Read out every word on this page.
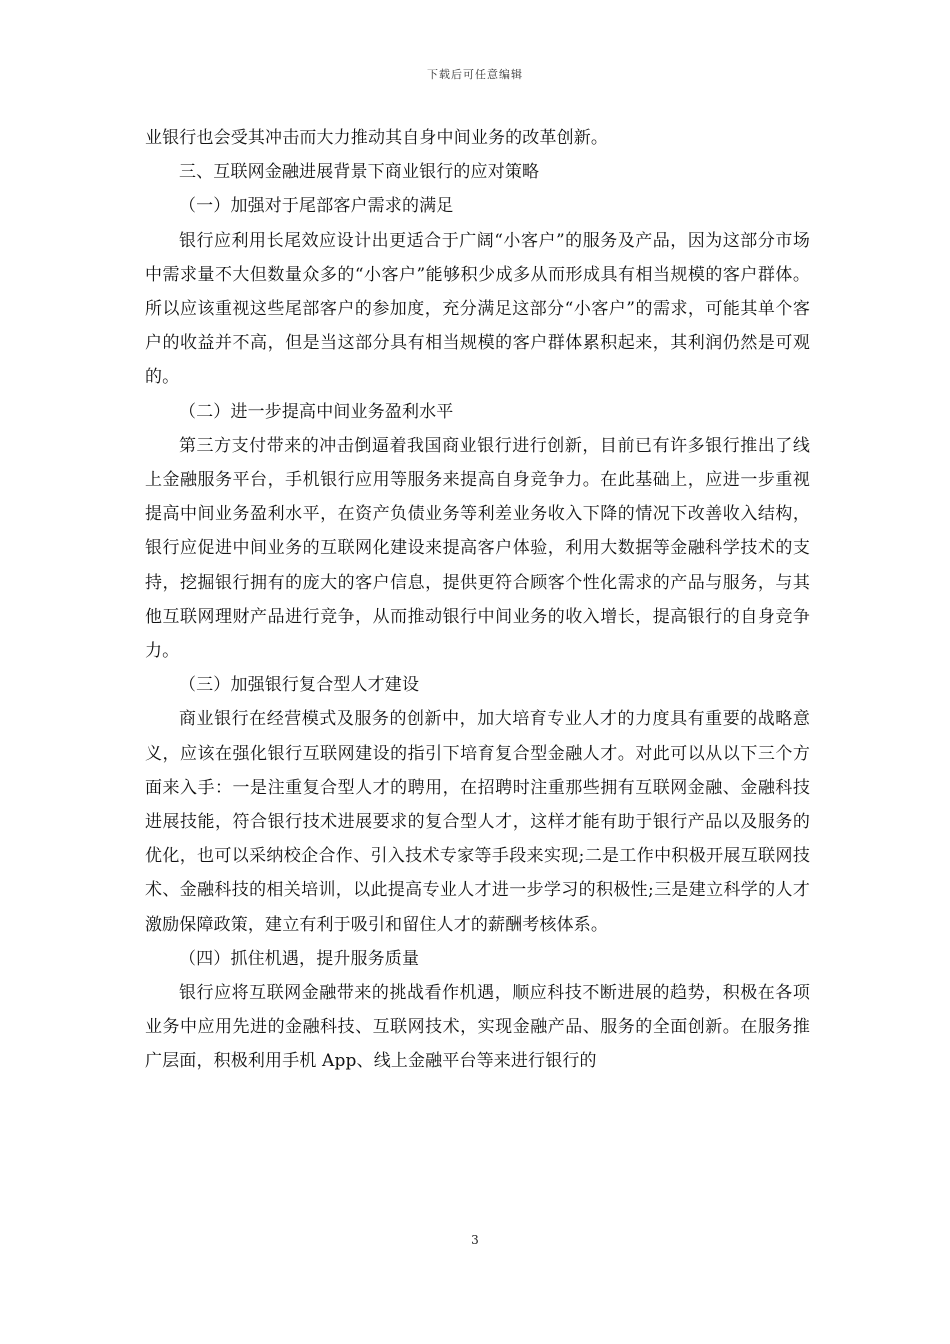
下载后可任意编辑

业银行也会受其冲击而大力推动其自身中间业务的改革创新。

三、互联网金融进展背景下商业银行的应对策略

（一）加强对于尾部客户需求的满足

银行应利用长尾效应设计出更适合于广阔“小客户”的服务及产品，因为这部分市场中需求量不大但数量众多的“小客户”能够积少成多从而形成具有相当规模的客户群体。所以应该重视这些尾部客户的参加度，充分满足这部分“小客户”的需求，可能其单个客户的收益并不高，但是当这部分具有相当规模的客户群体累积起来，其利润仍然是可观的。

（二）进一步提高中间业务盈利水平

第三方支付带来的冲击倒逼着我国商业银行进行创新，目前已有许多银行推出了线上金融服务平台，手机银行应用等服务来提高自身竞争力。在此基础上，应进一步重视提高中间业务盈利水平，在资产负债业务等利差业务收入下降的情况下改善收入结构，银行应促进中间业务的互联网化建设来提高客户体验，利用大数据等金融科学技术的支持，挖掘银行拥有的庞大的客户信息，提供更符合顾客个性化需求的产品与服务，与其他互联网理财产品进行竞争，从而推动银行中间业务的收入增长，提高银行的自身竞争力。

（三）加强银行复合型人才建设

商业银行在经营模式及服务的创新中，加大培育专业人才的力度具有重要的战略意义，应该在强化银行互联网建设的指引下培育复合型金融人才。对此可以从以下三个方面来入手：一是注重复合型人才的聘用，在招聘时注重那些拥有互联网金融、金融科技进展技能，符合银行技术进展要求的复合型人才，这样才能有助于银行产品以及服务的优化，也可以采纳校企合作、引入技术专家等手段来实现;二是工作中积极开展互联网技术、金融科技的相关培训，以此提高专业人才进一步学习的积极性;三是建立科学的人才激励保障政策，建立有利于吸引和留住人才的薪酬考核体系。

（四）抓住机遇，提升服务质量

银行应将互联网金融带来的挑战看作机遇，顺应科技不断进展的趋势，积极在各项业务中应用先进的金融科技、互联网技术，实现金融产品、服务的全面创新。在服务推广层面，积极利用手机 App、线上金融平台等来进行银行的

3
